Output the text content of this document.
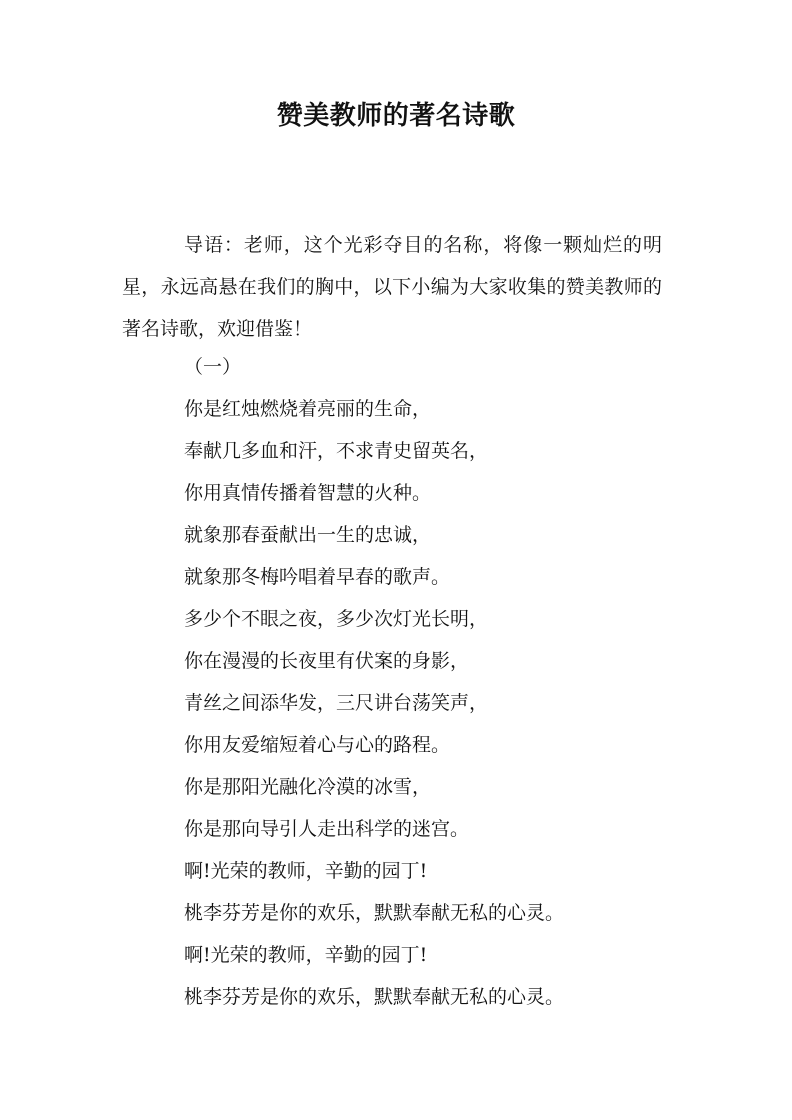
赞美教师的著名诗歌

导语：老师，这个光彩夺目的名称，将像一颗灿烂的明星，永远高悬在我们的胸中，以下小编为大家收集的赞美教师的著名诗歌，欢迎借鉴！

（一）
你是红烛燃烧着亮丽的生命，
奉献几多血和汗，不求青史留英名，
你用真情传播着智慧的火种。
就象那春蚕献出一生的忠诚，
就象那冬梅吟唱着早春的歌声。
多少个不眼之夜，多少次灯光长明，
你在漫漫的长夜里有伏案的身影，
青丝之间添华发，三尺讲台荡笑声，
你用友爱缩短着心与心的路程。
你是那阳光融化冷漠的冰雪，
你是那向导引人走出科学的迷宫。
啊!光荣的教师，辛勤的园丁!
桃李芬芳是你的欢乐，默默奉献无私的心灵。
啊!光荣的教师，辛勤的园丁!
桃李芬芳是你的欢乐，默默奉献无私的心灵。
